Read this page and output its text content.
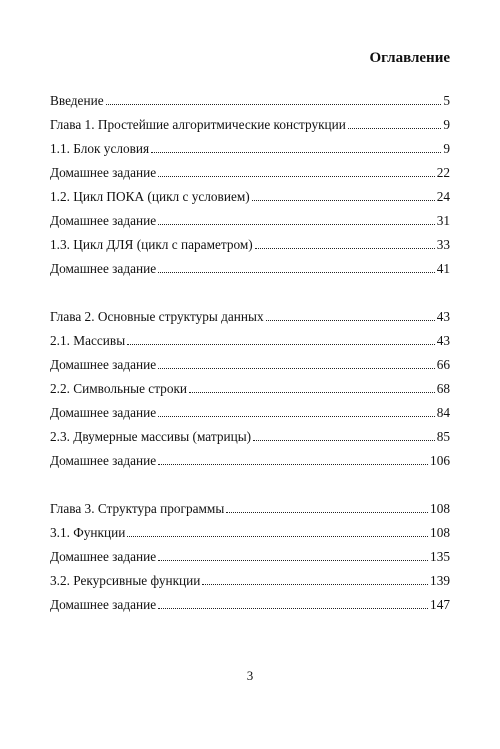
Оглавление
Введение	5
Глава 1. Простейшие алгоритмические конструкции	9
1.1. Блок условия	9
Домашнее задание	22
1.2. Цикл ПОКА (цикл с условием)	24
Домашнее задание	31
1.3. Цикл ДЛЯ (цикл с параметром)	33
Домашнее задание	41
Глава 2. Основные структуры данных	43
2.1. Массивы	43
Домашнее задание	66
2.2. Символьные строки	68
Домашнее задание	84
2.3. Двумерные массивы (матрицы)	85
Домашнее задание	106
Глава 3. Структура программы	108
3.1. Функции	108
Домашнее задание	135
3.2. Рекурсивные функции	139
Домашнее задание	147
3
